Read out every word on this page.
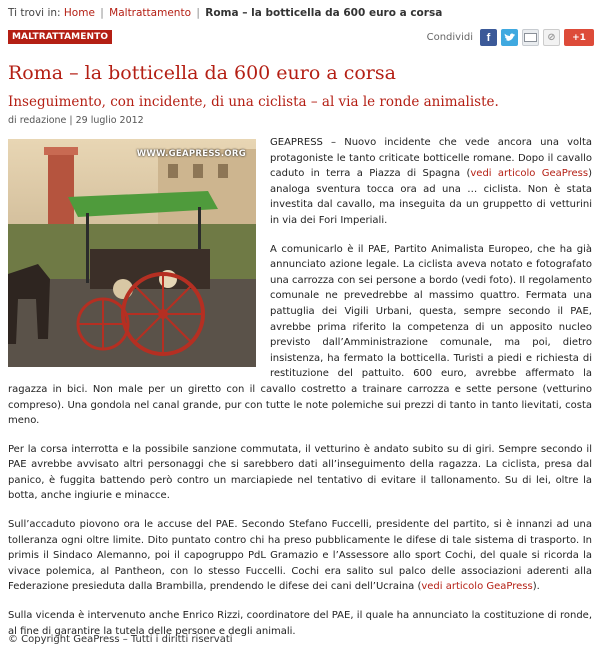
Ti trovi in: Home | Maltrattamento | Roma – la botticella da 600 euro a corsa
MALTRATTAMENTO	Condividi	f	⊘	+1
Roma – la botticella da 600 euro a corsa
Inseguimento, con incidente, di una ciclista – al via le ronde animaliste.
di redazione | 29 luglio 2012

GEAPRESS – Nuovo incidente che vede ancora una volta protagoniste le tanto criticate botticelle romane. Dopo il cavallo caduto in terra a Piazza di Spagna (vedi articolo GeaPress) analoga sventura tocca ora ad una … ciclista. Non è stata investita dal cavallo, ma inseguita da un gruppetto di vetturini in via dei Fori Imperiali.

A comunicarlo è il PAE, Partito Animalista Europeo, che ha già annunciato azione legale. La ciclista aveva notato e fotografato una carrozza con sei persone a bordo (vedi foto). Il regolamento comunale ne prevedrebbe al massimo quattro. Fermata una pattuglia dei Vigili Urbani, questa, sempre secondo il PAE, avrebbe prima riferito la competenza di un apposito nucleo previsto dall’Amministrazione comunale, ma poi, dietro insistenza, ha fermato la botticella. Turisti a piedi e richiesta di restituzione del pattuito. 600 euro, avrebbe affermato la ragazza in bici. Non male per un giretto con il cavallo costretto a trainare carrozza e sette persone (vetturino compreso). Una gondola nel canal grande, pur con tutte le note polemiche sui prezzi di tanto in tanto lievitati, costa meno.

Per la corsa interrotta e la possibile sanzione commutata, il vetturino è andato subito su di giri. Sempre secondo il PAE avrebbe avvisato altri personaggi che si sarebbero dati all’inseguimento della ragazza. La ciclista, presa dal panico, è fuggita battendo però contro un marciapiede nel tentativo di evitare il tallonamento. Su di lei, oltre la botta, anche ingiurie e minacce.

Sull’accaduto piovono ora le accuse del PAE. Secondo Stefano Fuccelli, presidente del partito, si è innanzi ad una tolleranza ogni oltre limite. Dito puntato contro chi ha preso pubblicamente le difese di tale sistema di trasporto. In primis il Sindaco Alemanno, poi il capogruppo PdL Gramazio e l’Assessore allo sport Cochi, del quale si ricorda la vivace polemica, al Pantheon, con lo stesso Fuccelli. Cochi era salito sul palco delle associazioni aderenti alla Federazione presieduta dalla Brambilla, prendendo le difese dei cani dell’Ucraina (vedi articolo GeaPress).

Sulla vicenda è intervenuto anche Enrico Rizzi, coordinatore del PAE, il quale ha annunciato la costituzione di ronde, al fine di garantire la tutela delle persone e degli animali.

WWW.GEAPRESS.ORG
© Copyright GeaPress – Tutti i diritti riservati
